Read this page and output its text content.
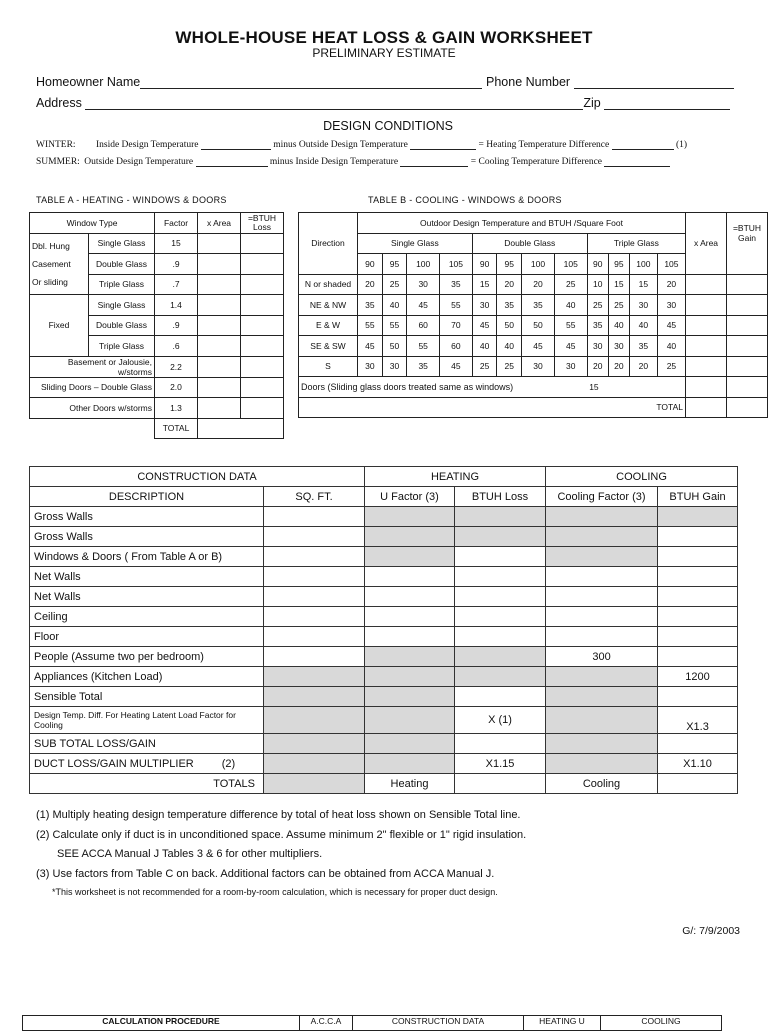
WHOLE-HOUSE HEAT LOSS & GAIN WORKSHEET
PRELIMINARY ESTIMATE
Homeowner Name	Phone Number
Address	Zip
DESIGN CONDITIONS
WINTER: Inside Design Temperature	minus Outside Design Temperature	= Heating Temperature Difference	(1)
SUMMER: Outside Design Temperature	minus Inside Design Temperature	= Cooling Temperature Difference
TABLE A - HEATING - WINDOWS & DOORS	TABLE B - COOLING - WINDOWS & DOORS
Window Type		Factor	x Area	=BTUH Loss

Dbl. Hung
Casement
Or sliding	Single Glass	15		
	Double Glass	.9		
	Triple Glass	.7		
Fixed	Single Glass	1.4		
	Double Glass	.9		
	Triple Glass	.6		
Basement or Jalousie, w/storms		2.2		
Sliding Doors – Double Glass		2.0		
Other Doors w/storms		1.3		
		TOTAL		
Direction	Outdoor Design Temperature and BTUH /Square Foot												x Area	=BTUH Gain
	Single Glass				Double Glass				Triple Glass					
	90	95	100	105	90	95	100	105	90	95	100	105		
N or shaded	20	25	30	35	15	20	20	25	10	15	15	20		
NE & NW	35	40	45	55	30	35	35	40	25	25	30	30		
E & W	55	55	60	70	45	50	50	55	35	40	40	45		
SE & SW	45	50	55	60	40	40	45	45	30	30	35	40		
S	30	30	35	45	25	25	30	30	20	20	20	25		
Doors (Sliding glass doors treated same as windows)									15					
TOTAL														
CONSTRUCTION DATA		HEATING		COOLING	
DESCRIPTION	SQ. FT.	U Factor (3)	BTUH Loss	Cooling Factor (3)	BTUH Gain
Gross Walls					
Gross Walls					
Windows & Doors ( From Table A or B)					
Net Walls					
Net Walls					
Ceiling					
Floor					
People (Assume two per bedroom)				300	
Appliances (Kitchen Load)					1200
Sensible Total					
Design Temp. Diff. For Heating Latent Load Factor for Cooling			X (1)		X1.3
SUB TOTAL LOSS/GAIN					
DUCT LOSS/GAIN MULTIPLIER (2)			X1.15		X1.10
TOTALS		Heating		Cooling	
(1) Multiply heating design temperature difference by total of heat loss shown on Sensible Total line.
(2) Calculate only if duct is in unconditioned space. Assume minimum 2" flexible or 1" rigid insulation.
SEE ACCA Manual J Tables 3 & 6 for other multipliers.
(3) Use factors from Table C on back. Additional factors can be obtained from ACCA Manual J.
*This worksheet is not recommended for a room-by-room calculation, which is necessary for proper duct design.
G/: 7/9/2003
CALCULATION PROCEDURE	A.C.C.A	CONSTRUCTION DATA	HEATING U	COOLING
